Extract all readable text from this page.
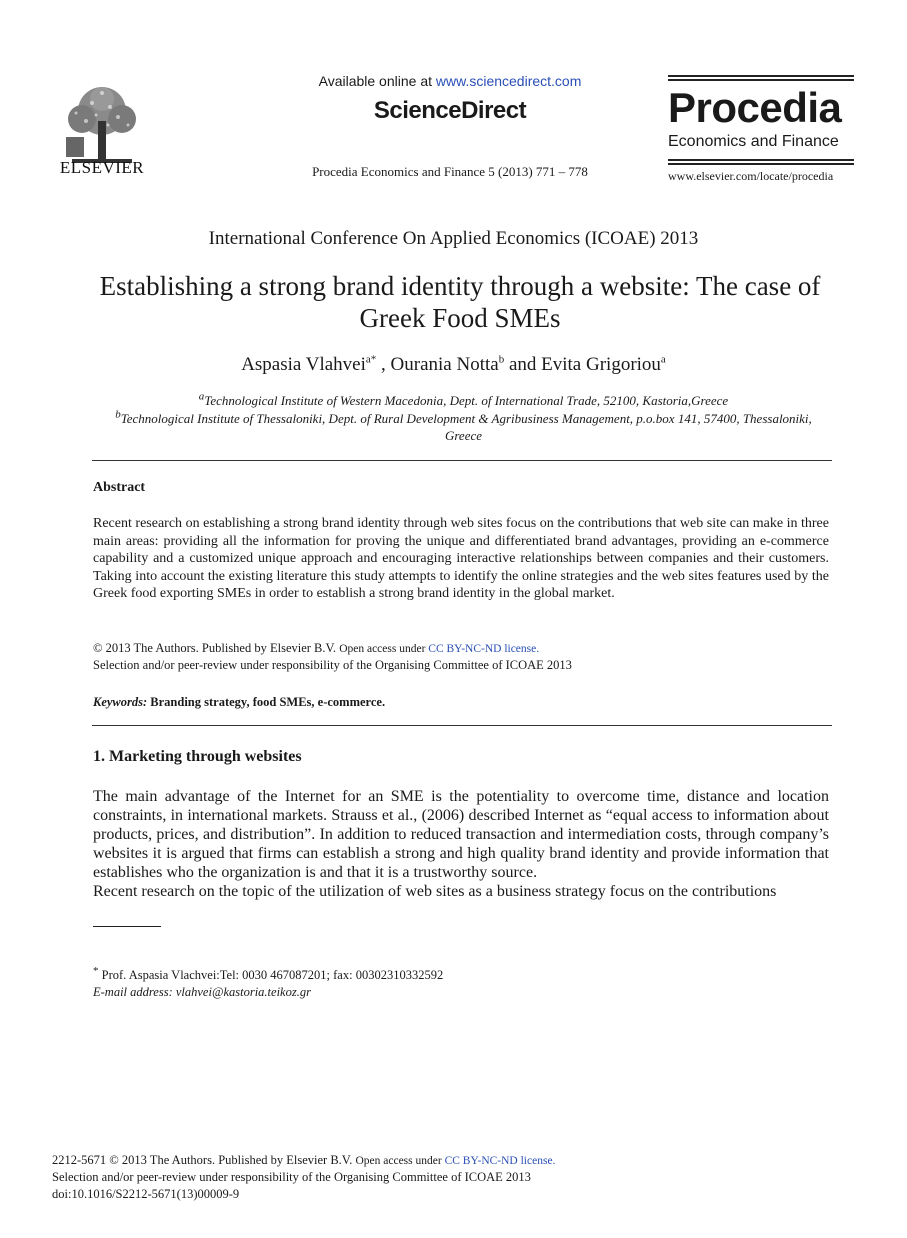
ELSEVIER
Available online at www.sciencedirect.com
ScienceDirect
Procedia Economics and Finance 5 (2013) 771 – 778
Procedia
Economics and Finance
www.elsevier.com/locate/procedia
International Conference On Applied Economics (ICOAE) 2013
Establishing a strong brand identity through a website: The case of Greek Food SMEs
Aspasia Vlahvei$^{a*}$ , Ourania Notta$^b$ and Evita Grigoriou$^a$
$^a$Technological Institute of Western Macedonia, Dept. of International Trade, 52100, Kastoria,Greece
$^b$Technological Institute of Thessaloniki, Dept. of Rural Development & Agribusiness Management, p.o.box 141, 57400, Thessaloniki, Greece
Abstract
Recent research on establishing a strong brand identity through web sites focus on the contributions that web site can make in three main areas: providing all the information for proving the unique and differentiated brand advantages, providing an e-commerce capability and a customized unique approach and encouraging interactive relationships between companies and their customers. Taking into account the existing literature this study attempts to identify the online strategies and the web sites features used by the Greek food exporting SMEs in order to establish a strong brand identity in the global market.
© 2013 The Authors. Published by Elsevier B.V. Open access under CC BY-NC-ND license.
Selection and/or peer-review under responsibility of the Organising Committee of ICOAE 2013
Keywords: Branding strategy, food SMEs, e-commerce.
1. Marketing through websites
The main advantage of the Internet for an SME is the potentiality to overcome time, distance and location constraints, in international markets. Strauss et al., (2006) described Internet as “equal access to information about products, prices, and distribution”. In addition to reduced transaction and intermediation costs, through company’s websites it is argued that firms can establish a strong and high quality brand identity and provide information that establishes who the organization is and that it is a trustworthy source.
Recent research on the topic of the utilization of web sites as a business strategy focus on the contributions
* Prof. Aspasia Vlachvei:Tel: 0030 467087201; fax: 00302310332592
E-mail address: vlahvei@kastoria.teikoz.gr
2212-5671 © 2013 The Authors. Published by Elsevier B.V. Open access under CC BY-NC-ND license.
Selection and/or peer-review under responsibility of the Organising Committee of ICOAE 2013
doi:10.1016/S2212-5671(13)00009-9
